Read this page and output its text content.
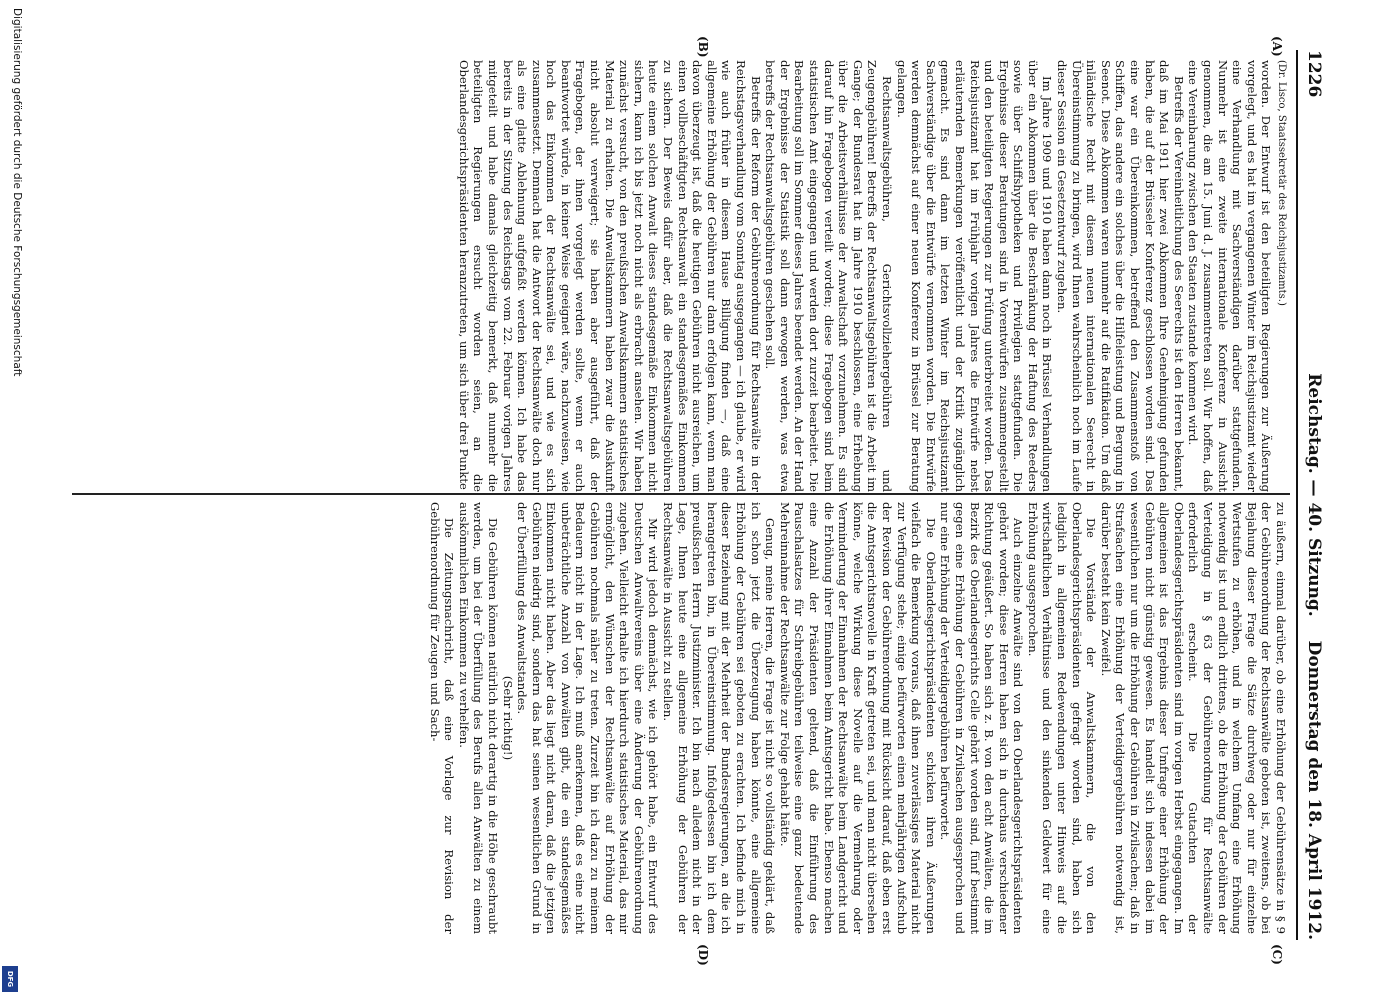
1226
Reichstag. — 40. Sitzung.
Donnerstag den 18. April 1912.
(A)
(B)
(C)
(D)

(Dr. Lisco, Staatssekretär des Reichsjustizamts.)

worden. Der Entwurf ist den beteiligten Regierungen zur Äußerung vorgelegt, und es hat im vergangenen Winter im Reichsjustizamt wieder eine Verhandlung mit Sachverständigen darüber stattgefunden. Nunmehr ist eine zweite internationale Konferenz in Aussicht genommen, die am 15. Juni d. J. zusammentreten soll. Wir hoffen, daß eine Vereinbarung zwischen den Staaten zustande kommen wird.

Betreffs der Vereinheitlichung des Seerechts ist den Herren bekannt, daß im Mai 1911 hier zwei Abkommen Ihre Genehmigung gefunden haben, die auf der Brüsseler Konferenz geschlossen worden sind. Das eine war ein Übereinkommen, betreffend den Zusammenstoß von Schiffen, das andere ein solches über die Hilfeleistung und Bergung in Seenot. Diese Abkommen waren nunmehr auf die Ratifikation. Um daß inländische Recht mit diesem neuen internationalen Seerecht in Übereinstimmung zu bringen, wird Ihnen wahrscheinlich noch im Laufe dieser Session ein Gesetzentwurf zugehen.

Im Jahre 1909 und 1910 haben dann noch in Brüssel Verhandlungen über ein Abkommen über die Beschränkung der Haftung des Reeders sowie über Schiffshypotheken und Privilegien stattgefunden. Die Ergebnisse dieser Beratungen sind in Vorentwürfen zusammengestellt und den beteiligten Regierungen zur Prüfung unterbreitet worden. Das Reichsjustizamt hat im Frühjahr vorigen Jahres die Entwürfe nebst erläuternden Bemerkungen veröffentlicht und der Kritik zugänglich gemacht. Es sind dann im letzten Winter im Reichsjustizamt Sachverständige über die Entwürfe vernommen worden. Die Entwürfe werden demnächst auf einer neuen Konferenz in Brüssel zur Beratung gelangen.

Rechtsanwaltsgebühren, Gerichtsvollziehergebühren und Zeugengebühren! Betreffs der Rechtsanwaltsgebühren ist die Arbeit im Gange; der Bundesrat hat im Jahre 1910 beschlossen, eine Erhebung über die Arbeitsverhältnisse der Anwaltschaft vorzunehmen. Es sind darauf hin Fragebogen verteilt worden; diese Fragebogen sind beim statistischen Amt eingegangen und werden dort zurzeit bearbeitet. Die Bearbeitung soll im Sommer dieses Jahres beendet werden. An der Hand der Ergebnisse der Statistik soll dann erwogen werden, was etwa betreffs der Rechtsanwaltsgebühren geschehen soll.

Betreffs der Reform der Gebührenordnung für Rechtsanwälte in der Reichstagsverhandlung vom Sonntag ausgegangen — ich glaube, er wird wie auch früher in diesem Hause Billigung finden —, daß eine allgemeine Erhöhung der Gebühren nur dann erfolgen kann, wenn man davon überzeugt ist, daß die heutigen Gebühren nicht ausreichen, um einen vollbeschäftigten Rechtsanwalt ein standesgemäßes Einkommen zu sichern. Der Beweis dafür aber, daß die Rechtsanwaltsgebühren heute einem solchen Anwalt dieses standesgemäße Einkommen nicht sichern, kann ich bis jetzt noch nicht als erbracht ansehen. Wir haben zunächst versucht, von den preußischen Anwaltskammern statistisches Material zu erhalten. Die Anwaltskammern haben zwar die Auskunft nicht absolut verweigert; sie haben aber ausgeführt, daß der Fragebogen, der ihnen vorgelegt werden sollte, wenn er auch beantwortet würde, in keiner Weise geeignet wäre, nachzuweisen, wie hoch das Einkommen der Rechtsanwälte sei, und wie es sich zusammensetzt. Demnach hat die Antwort der Rechtsanwälte doch nur als eine glatte Ablehnung aufgefaßt werden können. Ich habe das bereits in der Sitzung des Reichstags vom 22. Februar vorigen Jahres mitgeteilt und habe damals gleichzeitig bemerkt, daß nunmehr die beteiligten Regierungen ersucht worden seien, an die Oberlandesgerichtspräsidenten heranzutreten, um sich über drei Punkte

zu äußern, einmal darüber, ob eine Erhöhung der Gebührensätze in § 9 der Gebührenordnung der Rechtsanwälte geboten ist, zweitens, ob bei Bejahung dieser Frage die Sätze durchweg oder nur für einzelne Wertstufen zu erhöhen, und in welchem Umfang eine Erhöhung notwendig ist und endlich drittens, ob die Erhöhung der Gebühren der Verteidigung in § 63 der Gebührenordnung für Rechtsanwälte erforderlich erscheint. Die Gutachten der Oberlandesgerichtspräsidenten sind im vorigen Herbst eingegangen. Im allgemeinen ist das Ergebnis dieser Umfrage einer Erhöhung der Gebühren nicht günstig gewesen. Es handelt sich indessen dabei im wesentlichen nur um die Erhöhung der Gebühren in Zivilsachen; daß in Strafsachen eine Erhöhung der Verteidigergebühren notwendig ist, darüber besteht kein Zweifel.

Die Vorstände der Anwaltskammern, die von den Oberlandesgerichtspräsidenten gefragt worden sind, haben sich lediglich in allgemeinen Redewendungen unter Hinweis auf die wirtschaftlichen Verhältnisse und den sinkenden Geldwert für eine Erhöhung ausgesprochen.

Auch einzelne Anwälte sind von den Oberlandesgerichtspräsidenten gehört worden; diese Herren haben sich in durchaus verschiedener Richtung geäußert. So haben sich z. B. von den acht Anwälten, die im Bezirk des Oberlandesgerichts Celle gehört worden sind, fünf bestimmt gegen eine Erhöhung der Gebühren in Zivilsachen ausgesprochen und nur eine Erhöhung der Verteidigergebühren befürwortet.

Die Oberlandesgerichtspräsidenten schicken ihren Äußerungen vielfach die Bemerkung voraus, daß ihnen zuverlässiges Material nicht zur Verfügung stehe; einige befürworten einen mehrjährigen Aufschub der Revision der Gebührenordnung mit Rücksicht darauf, daß eben erst die Amtsgerichtsnovelle in Kraft getreten sei, und man nicht übersehen könne, welche Wirkung diese Novelle auf die Vermehrung oder Verminderung der Einnahmen der Rechtsanwälte beim Landgericht und die Erhöhung ihrer Einnahmen beim Amtsgericht habe. Ebenso machen eine Anzahl der Präsidenten geltend, daß die Einführung des Pauschalsatzes für Schreibgebühren teilweise eine ganz bedeutende Mehreinnahme der Rechtsanwälte zur Folge gehabt hätte.

Genug, meine Herren, die Frage ist nicht so vollständig geklärt, daß ich schon jetzt die Überzeugung haben könnte, eine allgemeine Erhöhung der Gebühren sei geboten zu erachten. Ich befinde mich in dieser Beziehung mit der Mehrheit der Bundesregierungen, an die ich herangetreten bin, in Übereinstimmung. Infolgedessen bin ich dem preußischen Herrn Justizminister. Ich bin nach alledem nicht in der Lage, Ihnen heute eine allgemeine Erhöhung der Gebühren der Rechtsanwälte in Aussicht zu stellen.

Mir wird jedoch demnächst, wie ich gehört habe, ein Entwurf des Deutschen Anwaltvereins über eine Änderung der Gebührenordnung zugehen. Vielleicht erhalte ich hierdurch statistisches Material, das mir ermöglicht, den Wünschen der Rechtsanwälte auf Erhöhung der Gebühren nochmals näher zu treten. Zurzeit bin ich dazu zu meinem Bedauern nicht in der Lage. Ich muß anerkennen, daß es eine nicht unbeträchtliche Anzahl von Anwälten gibt, die ein standesgemäßes Einkommen nicht haben. Aber das liegt nicht daran, daß die jetzigen Gebühren niedrig sind, sondern das hat seinen wesentlichen Grund in der Überfüllung des Anwaltstandes.

(Sehr richtig!)

Die Gebühren können natürlich nicht derartig in die Höhe geschraubt werden, um bei der Überfüllung des Berufs allen Anwälten zu einem auskömmlichen Einkommen zu verhelfen.

Die Zeitungsnachricht, daß eine Vorlage zur Revision der Gebührenordnung für Zeugen und Sach-

Digitalisierung gefördert durch die Deutsche Forschungsgemeinschaft
DFG
